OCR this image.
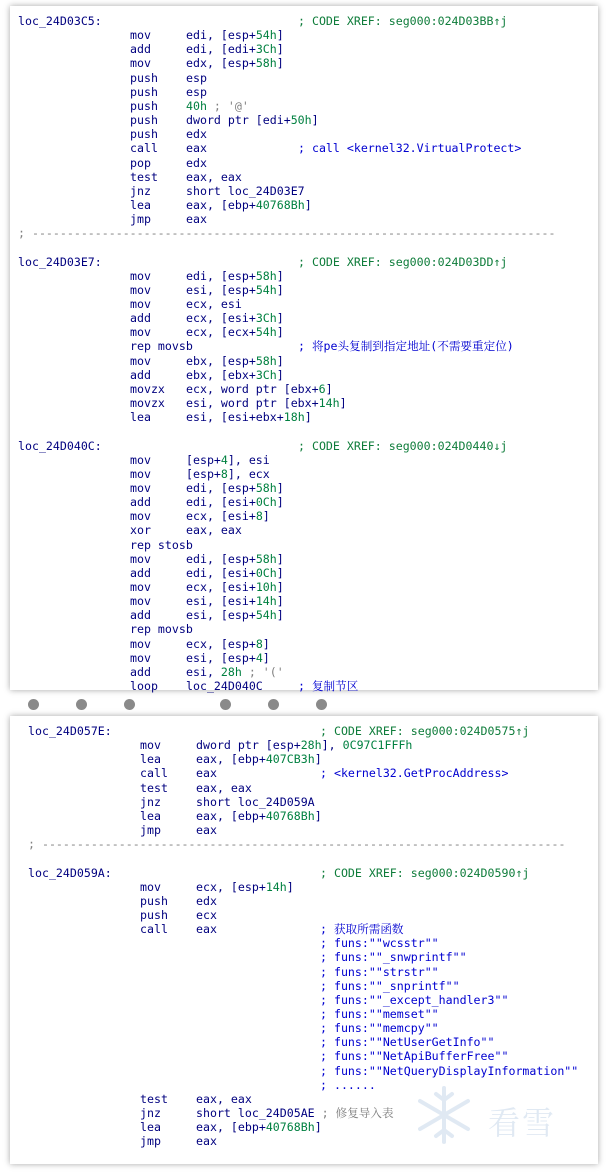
loc_24D03C5:	; CODE XREF: seg000:024D03BB↑j
mov	edi, [esp+54h]
add	edi, [edi+3Ch]
mov	edx, [esp+58h]
push esp
push esp
push 40h ; '@'
push dword ptr [edi+50h]
push edx
call eax	; call <kernel32.VirtualProtect>
pop	edx
test eax, eax
jnz	short loc_24D03E7
lea	eax, [ebp+40768Bh]
jmp	eax
; ---------------------------------------------------------------------------
loc_24D03E7:	; CODE XREF: seg000:024D03DD↑j
mov	edi, [esp+58h]
mov	esi, [esp+54h]
mov	ecx, esi
add	ecx, [esi+3Ch]
mov	ecx, [ecx+54h]
rep movsb	; 将pe头复制到指定地址(不需要重定位)
mov	ebx, [esp+58h]
add	ebx, [ebx+3Ch]
movzx ecx, word ptr [ebx+6]
movzx esi, word ptr [ebx+14h]
lea	esi, [esi+ebx+18h]
loc_24D040C:	; CODE XREF: seg000:024D0440↓j
mov	[esp+4], esi
mov	[esp+8], ecx
mov	edi, [esp+58h]
add	edi, [esi+0Ch]
mov	ecx, [esi+8]
xor	eax, eax
rep stosb
mov	edi, [esp+58h]
add	edi, [esi+0Ch]
mov	ecx, [esi+10h]
mov	esi, [esi+14h]
add	esi, [esp+54h]
rep movsb
mov	ecx, [esp+8]
mov	esi, [esp+4]
add	esi, 28h ; '('
loop loc_24D040C	; 复制节区
loc_24D057E:	; CODE XREF: seg000:024D0575↑j
mov	dword ptr [esp+28h], 0C97C1FFFh
lea	eax, [ebp+407CB3h]
call eax	; <kernel32.GetProcAddress>
test eax, eax
jnz	short loc_24D059A
lea	eax, [ebp+40768Bh]
jmp	eax
; ---------------------------------------------------------------------------
loc_24D059A:	; CODE XREF: seg000:024D0590↑j
mov	ecx, [esp+14h]
push edx
push ecx
call eax	; 获取所需函数
; funs:""wcsstr""
; funs:""_snwprintf""
; funs:""strstr""
; funs:""_snprintf""
; funs:""_except_handler3""
; funs:""memset""
; funs:""memcpy""
; funs:""NetUserGetInfo""
; funs:""NetApiBufferFree""
; funs:""NetQueryDisplayInformation""
; ......
test eax, eax
jnz	short loc_24D05AE ; 修复导入表
lea	eax, [ebp+40768Bh]
jmp	eax	看雪
